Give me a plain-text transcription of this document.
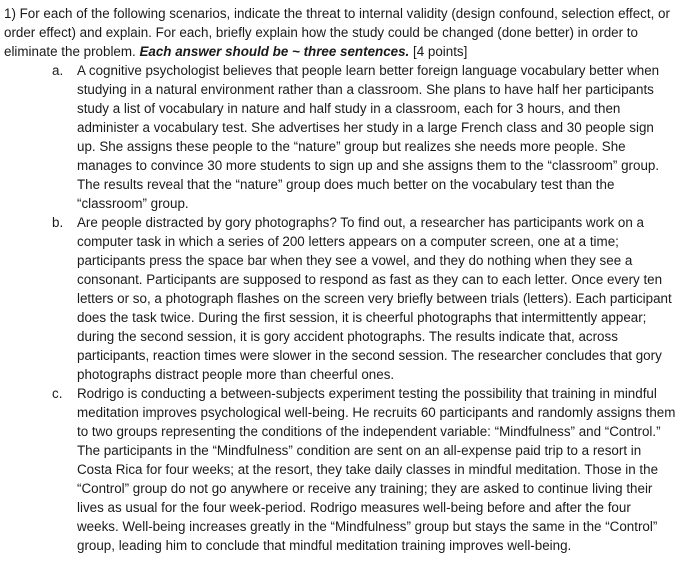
1) For each of the following scenarios, indicate the threat to internal validity (design confound, selection effect, or order effect) and explain. For each, briefly explain how the study could be changed (done better) in order to eliminate the problem. Each answer should be ~ three sentences. [4 points]

a. A cognitive psychologist believes that people learn better foreign language vocabulary better when studying in a natural environment rather than a classroom. She plans to have half her participants study a list of vocabulary in nature and half study in a classroom, each for 3 hours, and then administer a vocabulary test. She advertises her study in a large French class and 30 people sign up. She assigns these people to the “nature” group but realizes she needs more people. She manages to convince 30 more students to sign up and she assigns them to the “classroom” group. The results reveal that the “nature” group does much better on the vocabulary test than the “classroom” group.
b. Are people distracted by gory photographs? To find out, a researcher has participants work on a computer task in which a series of 200 letters appears on a computer screen, one at a time; participants press the space bar when they see a vowel, and they do nothing when they see a consonant. Participants are supposed to respond as fast as they can to each letter. Once every ten letters or so, a photograph flashes on the screen very briefly between trials (letters). Each participant does the task twice. During the first session, it is cheerful photographs that intermittently appear; during the second session, it is gory accident photographs. The results indicate that, across participants, reaction times were slower in the second session. The researcher concludes that gory photographs distract people more than cheerful ones.
c. Rodrigo is conducting a between-subjects experiment testing the possibility that training in mindful meditation improves psychological well-being. He recruits 60 participants and randomly assigns them to two groups representing the conditions of the independent variable: “Mindfulness” and “Control.” The participants in the “Mindfulness” condition are sent on an all-expense paid trip to a resort in Costa Rica for four weeks; at the resort, they take daily classes in mindful meditation. Those in the “Control” group do not go anywhere or receive any training; they are asked to continue living their lives as usual for the four week-period. Rodrigo measures well-being before and after the four weeks. Well-being increases greatly in the “Mindfulness” group but stays the same in the “Control” group, leading him to conclude that mindful meditation training improves well-being.
